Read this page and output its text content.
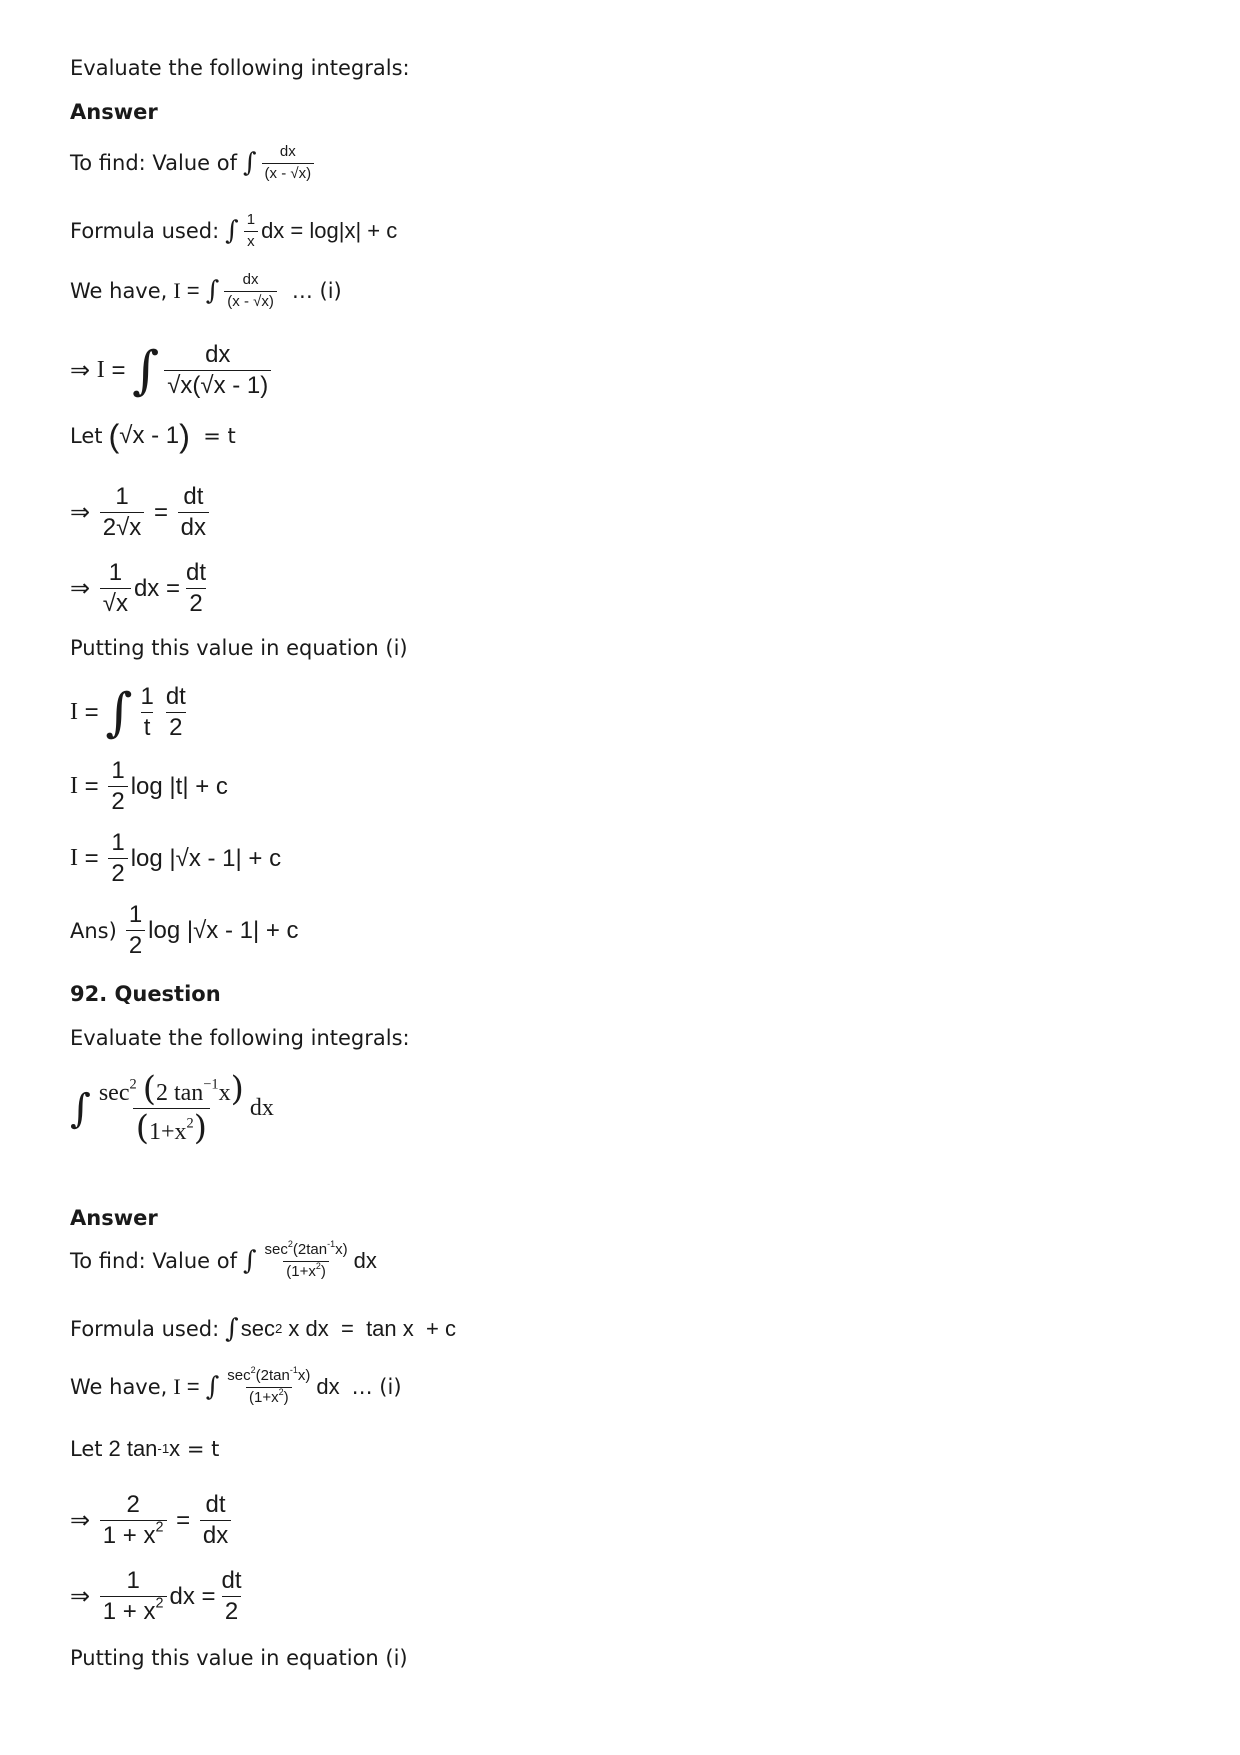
Evaluate the following integrals:
Answer
To find: Value of ∫ $\frac{dx}{(x - √x)}$
Formula used: ∫ $\frac{1}{x}$ dx = log|x| + c
We have, I = ∫ $\frac{dx}{(x - √x)}$ … (i)
⇒ I = ∫ $\frac{dx}{√x(√x - 1)}$
Let ( √x - 1 )
= t
⇒ $\frac{1}{2√x} = \frac{dt}{dx}$
⇒ $\frac{1}{√x}$ dx = $\frac{dt}{2}$
Putting this value in equation (i)
I = ∫ $\frac{1}{t} \frac{dt}{2}$
$I = \frac{1}{2}$ log |t| + c
$I = \frac{1}{2}$ log |√x - 1| + c
$Ans) \frac{1}{2}$ log |√x - 1| + c
92. Question
Evaluate the following integrals:
∫ $\frac{\sec^2 (2 \tan^{-1}x)}{(1+x^2)}$ dx
Answer
To find: Value of ∫ $\frac{\sec^2(2\tan^{-1}x)}{(1+x^2)}$ dx
Formula used: ∫ sec 2 x dx  =  tan x  + c
We have, I = ∫ $\frac{\sec^2(2\tan^{-1}x)}{(1+x^2)}$ dx … (i)
Let 2 tan -1 x = t
⇒ $\frac{2}{1 + x^2} = \frac{dt}{dx}$
⇒ $\frac{1}{1 + x^2}$ dx = $\frac{dt}{2}$
Putting this value in equation (i)
